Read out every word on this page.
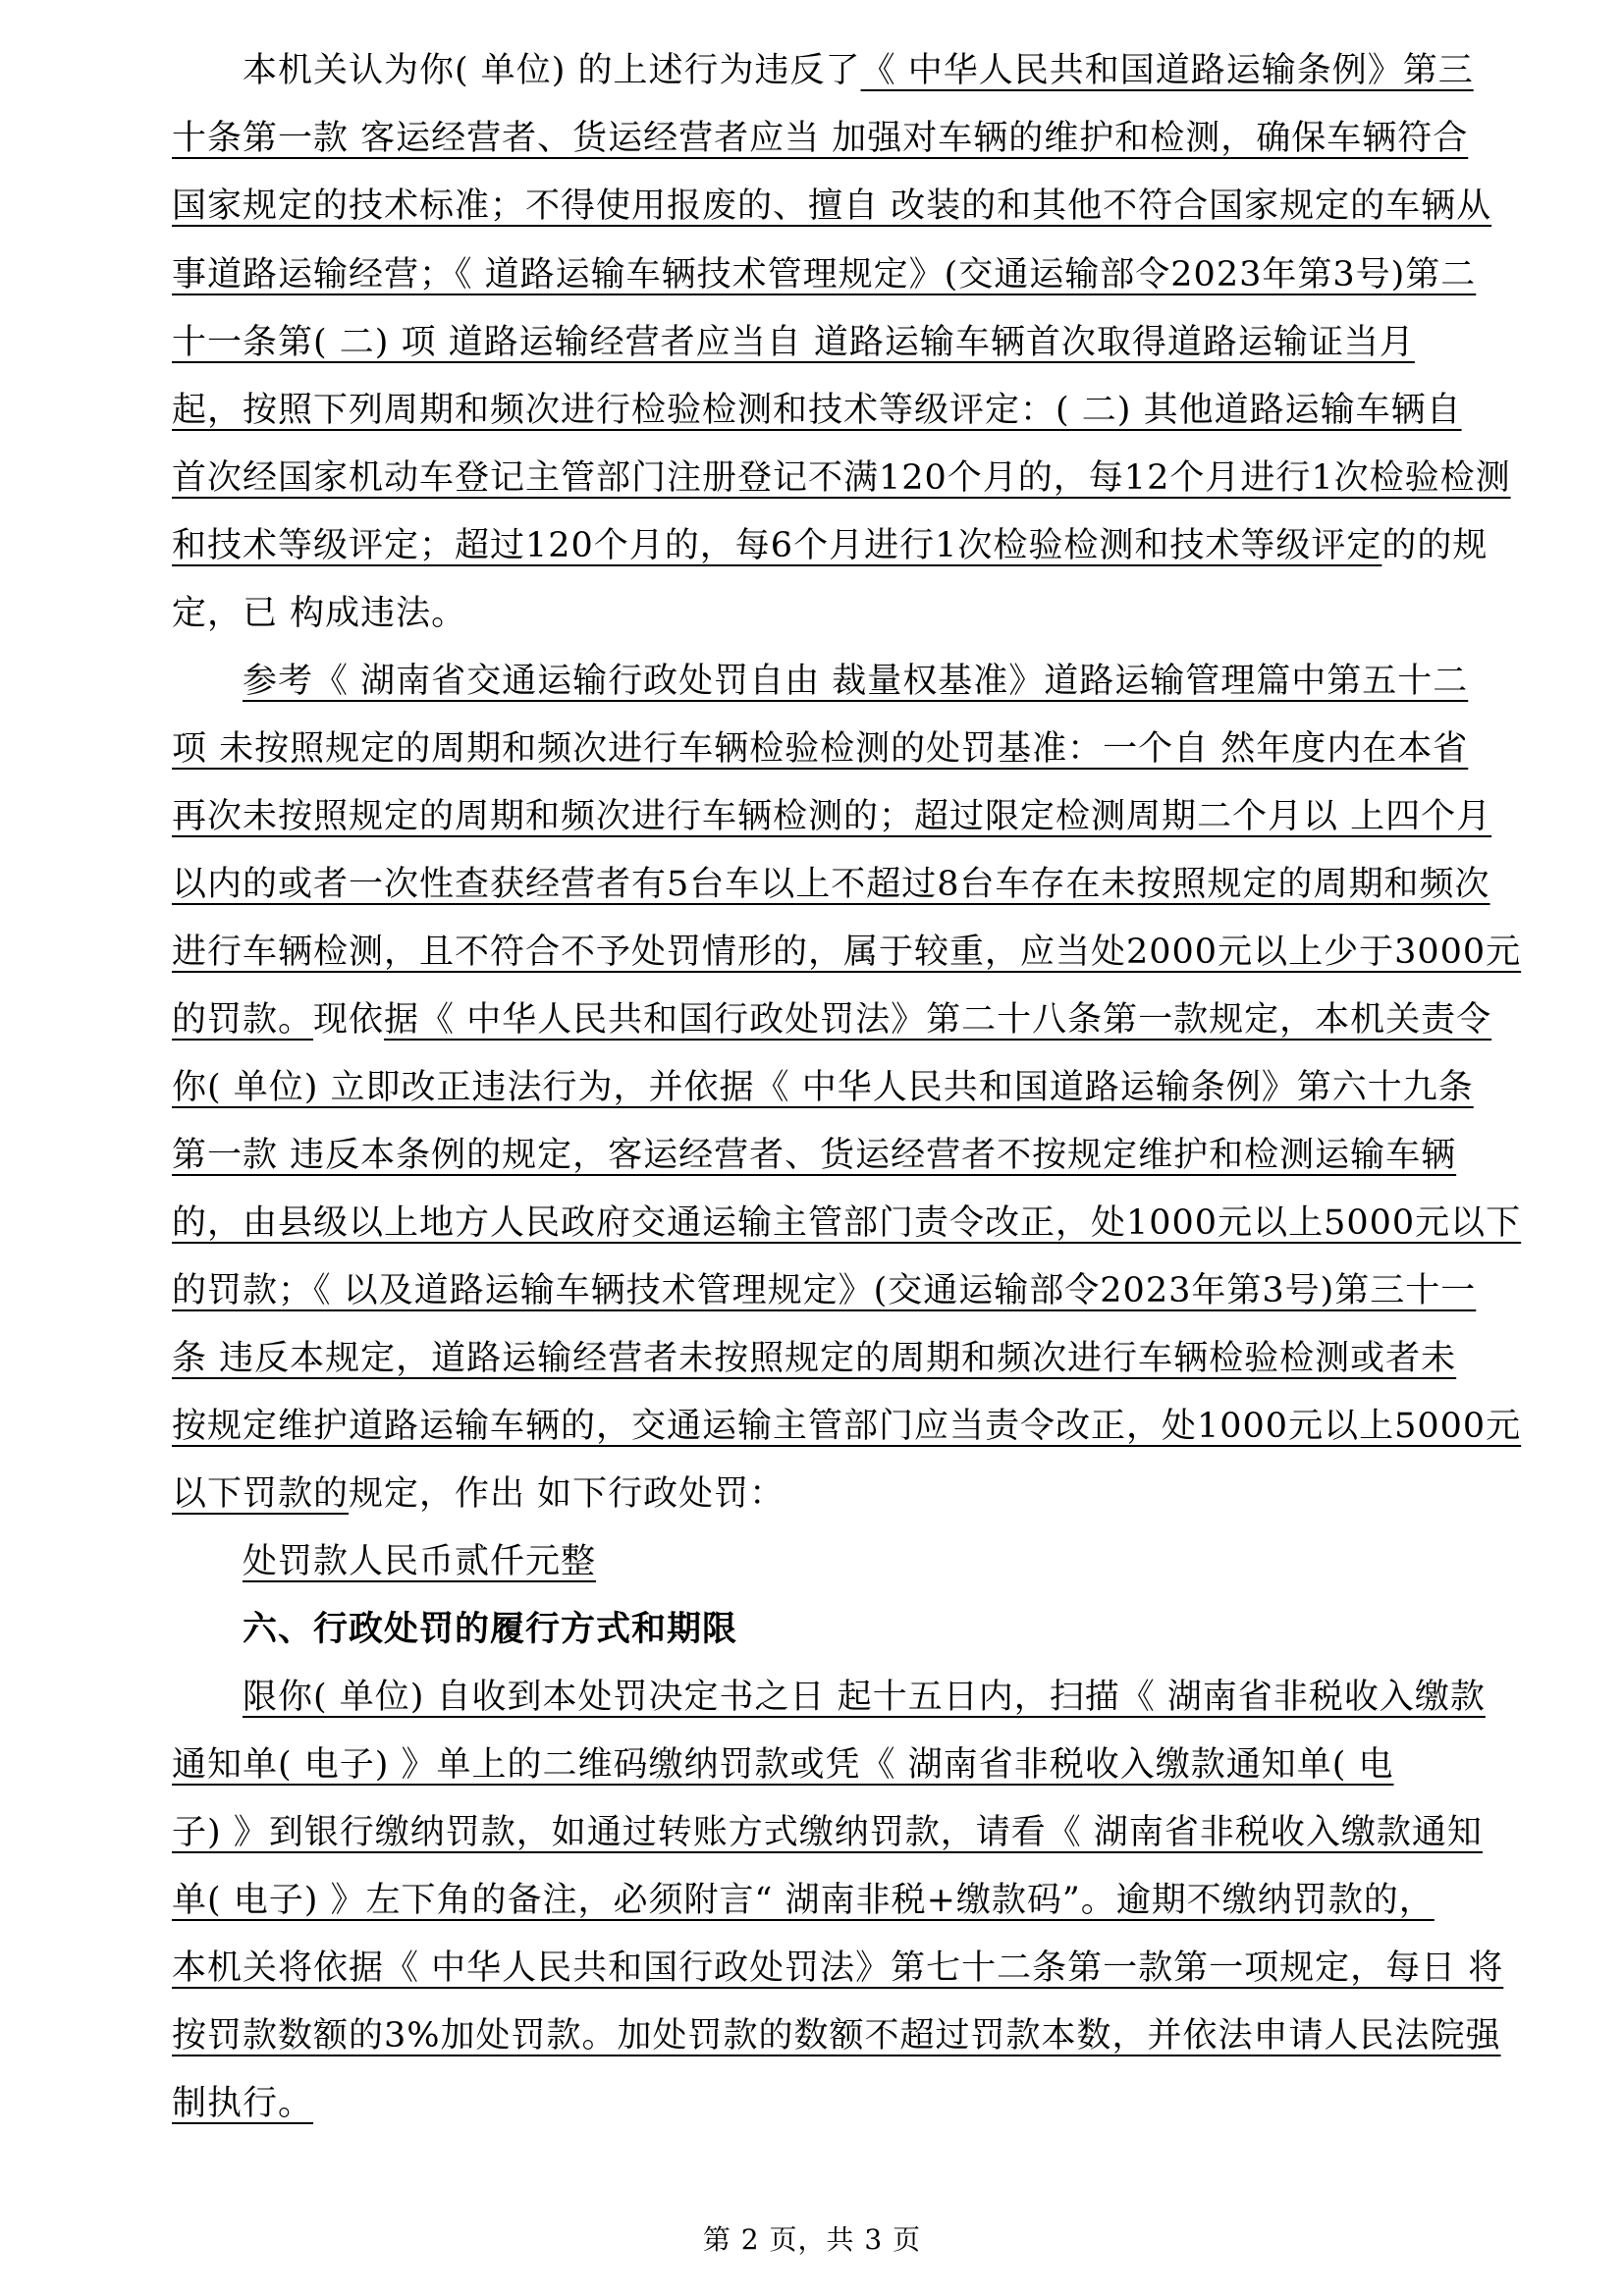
本机关认为你( 单位) 的上述行为违反了《 中华人民共和国道路运输条例》第三
十条第一款 客运经营者、货运经营者应当 加强对车辆的维护和检测，确保车辆符合
国家规定的技术标准；不得使用报废的、擅自 改装的和其他不符合国家规定的车辆从
事道路运输经营；《 道路运输车辆技术管理规定》(交通运输部令2023年第3号)第二
十一条第( 二) 项 道路运输经营者应当自 道路运输车辆首次取得道路运输证当月
起，按照下列周期和频次进行检验检测和技术等级评定：( 二) 其他道路运输车辆自
首次经国家机动车登记主管部门注册登记不满120个月的，每12个月进行1次检验检测
和技术等级评定；超过120个月的，每6个月进行1次检验检测和技术等级评定的的规
定，已 构成违法。
参考《 湖南省交通运输行政处罚自由 裁量权基准》道路运输管理篇中第五十二
项 未按照规定的周期和频次进行车辆检验检测的处罚基准：一个自 然年度内在本省
再次未按照规定的周期和频次进行车辆检测的；超过限定检测周期二个月以 上四个月
以内的或者一次性查获经营者有5台车以上不超过8台车存在未按照规定的周期和频次
进行车辆检测，且不符合不予处罚情形的，属于较重，应当处2000元以上少于3000元
的罚款。现依据《 中华人民共和国行政处罚法》第二十八条第一款规定，本机关责令
你( 单位) 立即改正违法行为，并依据《 中华人民共和国道路运输条例》第六十九条
第一款 违反本条例的规定，客运经营者、货运经营者不按规定维护和检测运输车辆
的，由县级以上地方人民政府交通运输主管部门责令改正，处1000元以上5000元以下
的罚款；《 以及道路运输车辆技术管理规定》(交通运输部令2023年第3号)第三十一
条 违反本规定，道路运输经营者未按照规定的周期和频次进行车辆检验检测或者未
按规定维护道路运输车辆的，交通运输主管部门应当责令改正，处1000元以上5000元
以下罚款的规定，作出 如下行政处罚：
处罚款人民币贰仟元整
六、行政处罚的履行方式和期限
限你( 单位) 自收到本处罚决定书之日 起十五日内，扫描《 湖南省非税收入缴款
通知单( 电子) 》单上的二维码缴纳罚款或凭《 湖南省非税收入缴款通知单( 电
子) 》到银行缴纳罚款，如通过转账方式缴纳罚款，请看《 湖南省非税收入缴款通知
单( 电子) 》左下角的备注，必须附言“ 湖南非税+缴款码”。逾期不缴纳罚款的，
本机关将依据《 中华人民共和国行政处罚法》第七十二条第一款第一项规定，每日 将
按罚款数额的3%加处罚款。加处罚款的数额不超过罚款本数，并依法申请人民法院强
制执行。
第 2 页，共 3 页
